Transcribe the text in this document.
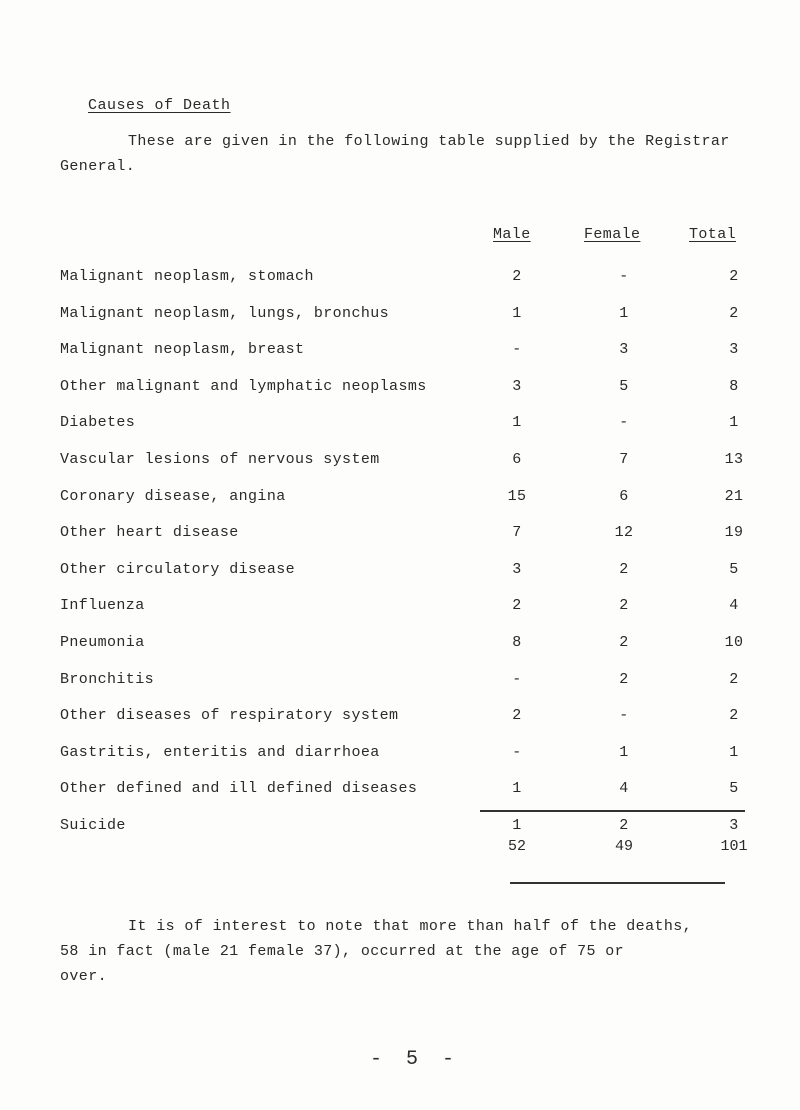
Causes of Death
These are given in the following table supplied by the Registrar
General.
Male	Female	Total
Malignant neoplasm, stomach	2	-	2
Malignant neoplasm, lungs, bronchus	1	1	2
Malignant neoplasm, breast	-	3	3
Other malignant and lymphatic neoplasms	3	5	8
Diabetes	1	-	1
Vascular lesions of nervous system	6	7	13
Coronary disease, angina	15	6	21
Other heart disease	7	12	19
Other circulatory disease	3	2	5
Influenza	2	2	4
Pneumonia	8	2	10
Bronchitis	-	2	2
Other diseases of respiratory system	2	-	2
Gastritis, enteritis and diarrhoea	-	1	1
Other defined and ill defined diseases	1	4	5
Suicide	1	2	3
52	49	101
It is of interest to note that more than half of the deaths,
58 in fact (male 21 female 37), occurred at the age of 75 or
over.
- 5 -
